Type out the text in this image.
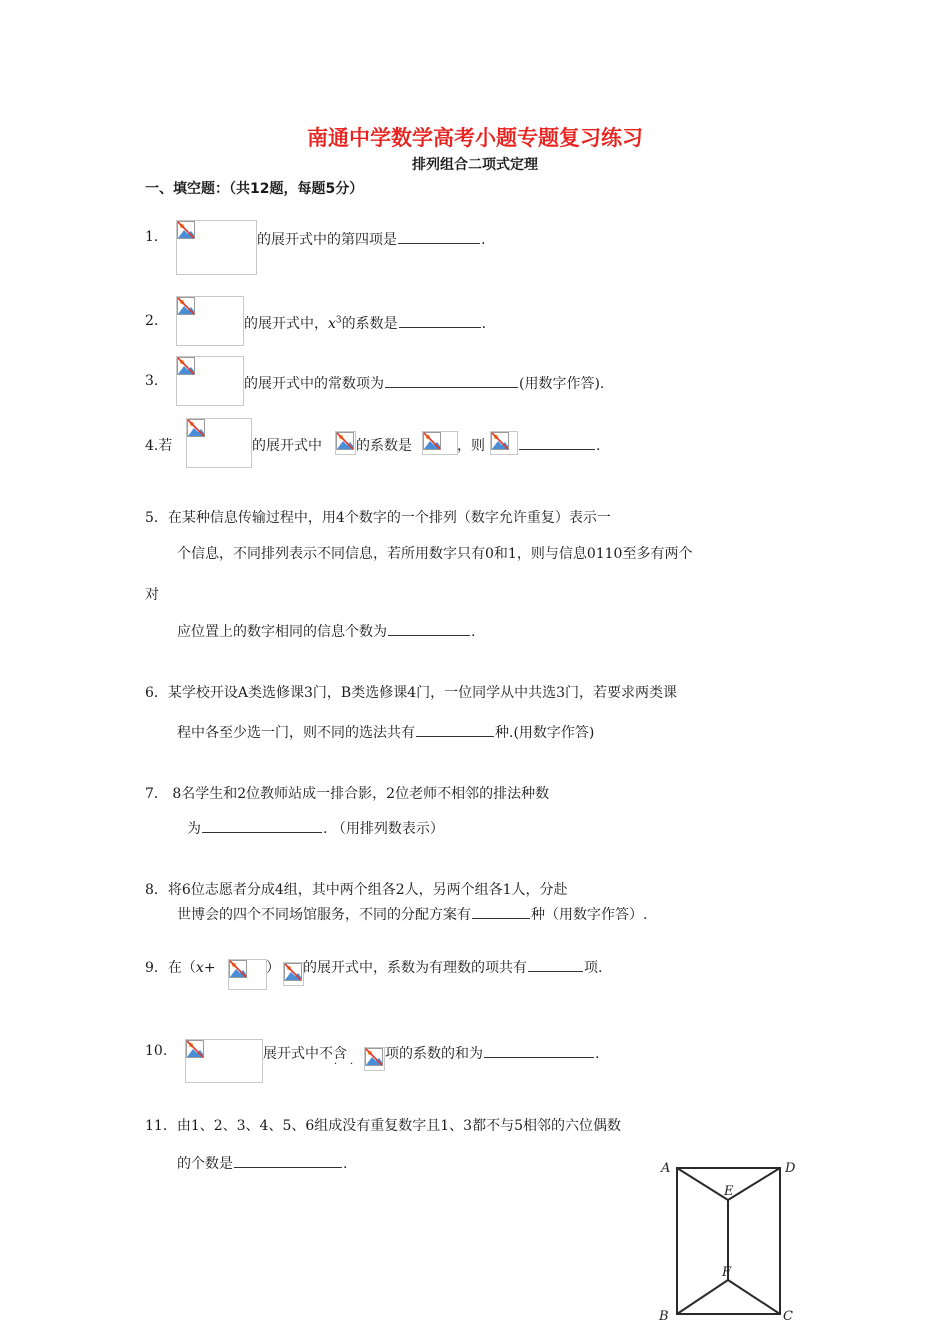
南通中学数学高考小题专题复习练习
排列组合二项式定理
一、填空题：（共12题，每题5分）
1.	的展开式中的第四项是	.
2.	的展开式中，$x^3$的系数是	.
3.	的展开式中的常数项为	(用数字作答).
4.若	的展开式中 的系数是	，则	.
5．在某种信息传输过程中，用4个数字的一个排列（数字允许重复）表示一
个信息，不同排列表示不同信息，若所用数字只有0和1，则与信息0110至多有两个
对
应位置上的数字相同的信息个数为	.
6．某学校开设A类选修课3门，B类选修课4门，一位同学从中共选3门，若要求两类课
程中各至少选一门，则不同的选法共有	种.(用数字作答)
7． 8名学生和2位教师站成一排合影，2位老师不相邻的排法种数
为	. （用排列数表示）
8．将6位志愿者分成4组，其中两个组各2人，另两个组各1人，分赴
世博会的四个不同场馆服务，不同的分配方案有	种（用数字作答）.
9．在（x+	） 的展开式中，系数为有理数的项共有	项.
10.	展开式中不含
· ·
项的系数的和为	.
11．由1、2、3、4、5、6组成没有重复数字且1、3都不与5相邻的六位偶数
的个数是	.	A	D
E
F
B	C
